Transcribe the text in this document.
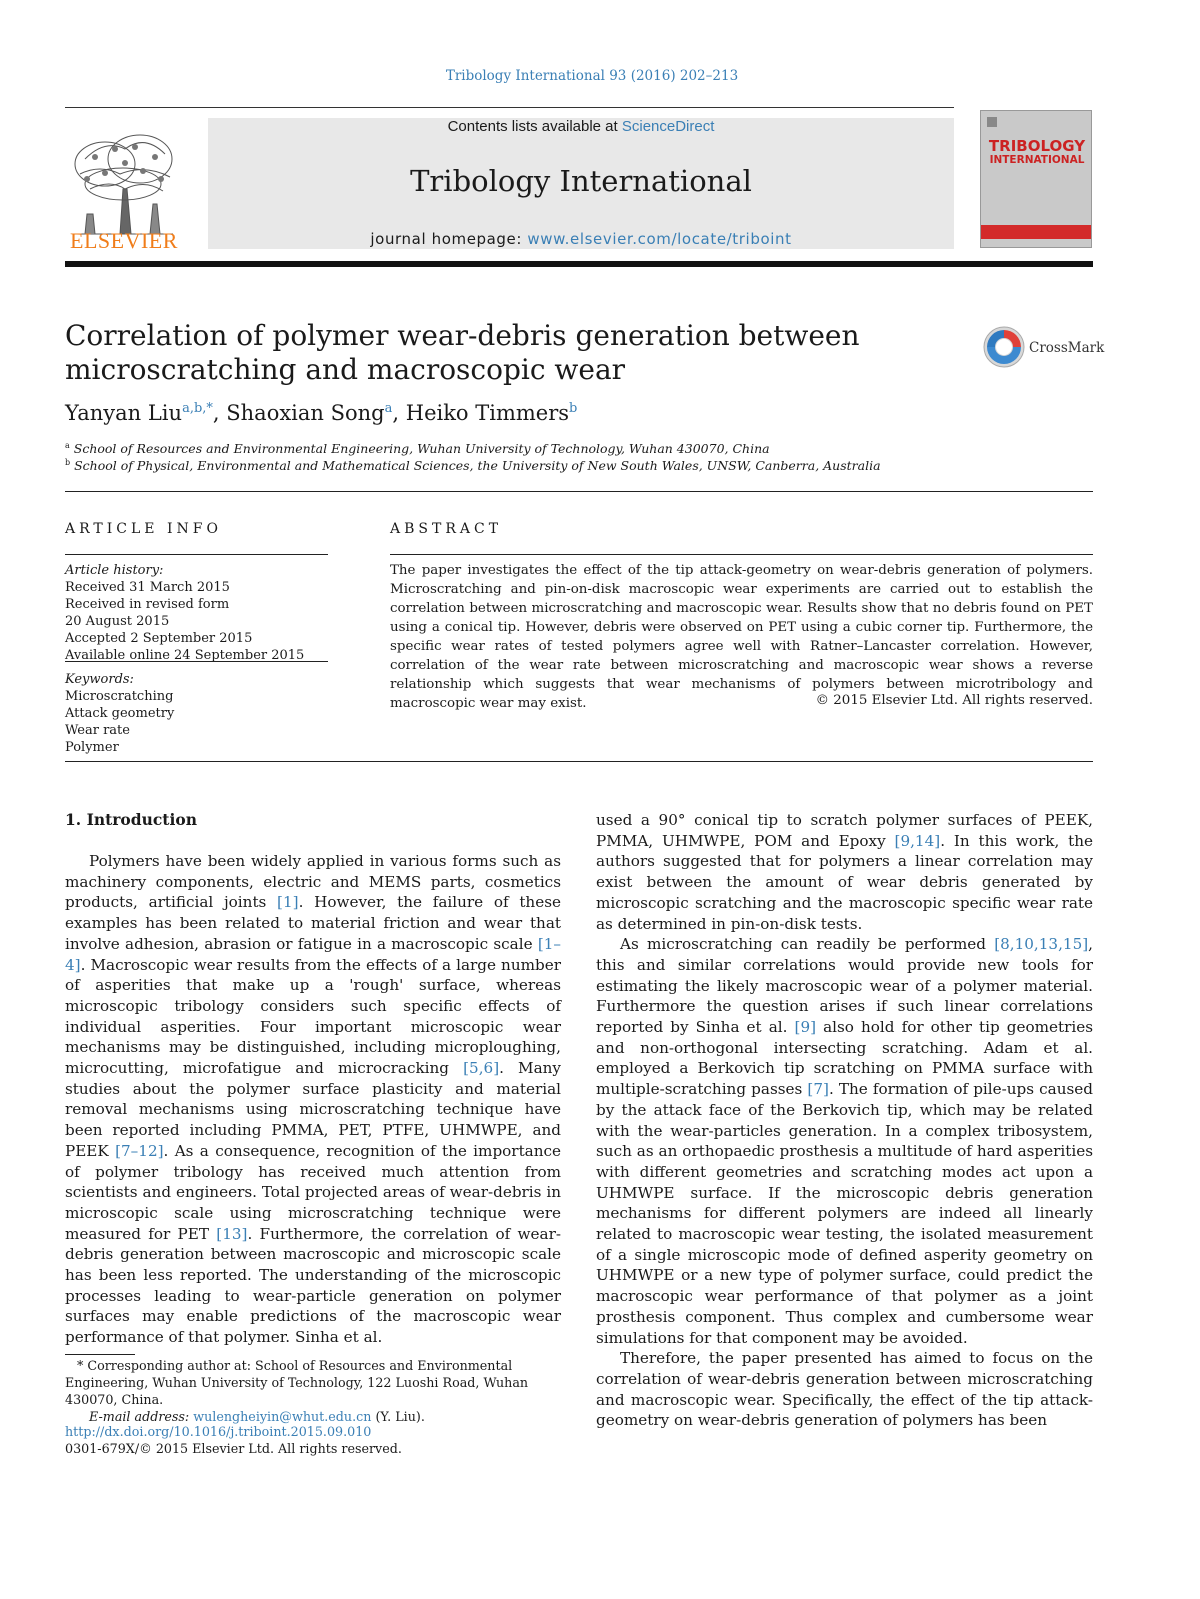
Tribology International 93 (2016) 202–213
ELSEVIER
Contents lists available at ScienceDirect
Tribology International
journal homepage: www.elsevier.com/locate/triboint
TRIBOLOGY
INTERNATIONAL
Correlation of polymer wear-debris generation between
microscratching and macroscopic wear
CrossMark
Yanyan Liu$^{a,b,*}$, Shaoxian Song$^a$, Heiko Timmers$^b$
$^a$ School of Resources and Environmental Engineering, Wuhan University of Technology, Wuhan 430070, China
$^b$ School of Physical, Environmental and Mathematical Sciences, the University of New South Wales, UNSW, Canberra, Australia
ARTICLE INFO	ABSTRACT
Article history:
Received 31 March 2015
Received in revised form
20 August 2015
Accepted 2 September 2015
Available online 24 September 2015
Keywords:
Microscratching
Attack geometry
Wear rate
Polymer
The paper investigates the effect of the tip attack-geometry on wear-debris generation of polymers. Microscratching and pin-on-disk macroscopic wear experiments are carried out to establish the correlation between microscratching and macroscopic wear. Results show that no debris found on PET using a conical tip. However, debris were observed on PET using a cubic corner tip. Furthermore, the specific wear rates of tested polymers agree well with Ratner–Lancaster correlation. However, correlation of the wear rate between microscratching and macroscopic wear shows a reverse relationship which suggests that wear mechanisms of polymers between microtribology and macroscopic wear may exist.	© 2015 Elsevier Ltd. All rights reserved.
1. Introduction
Polymers have been widely applied in various forms such as machinery components, electric and MEMS parts, cosmetics products, artificial joints [1]. However, the failure of these examples has been related to material friction and wear that involve adhesion, abrasion or fatigue in a macroscopic scale [1–4]. Macroscopic wear results from the effects of a large number of asperities that make up a 'rough' surface, whereas microscopic tribology considers such specific effects of individual asperities. Four important microscopic wear mechanisms may be distinguished, including microploughing, microcutting, microfatigue and microcracking [5,6]. Many studies about the polymer surface plasticity and material removal mechanisms using microscratching technique have been reported including PMMA, PET, PTFE, UHMWPE, and PEEK [7–12]. As a consequence, recognition of the importance of polymer tribology has received much attention from scientists and engineers. Total projected areas of wear-debris in microscopic scale using microscratching technique were measured for PET [13]. Furthermore, the correlation of wear-debris generation between macroscopic and microscopic scale has been less reported. The understanding of the microscopic processes leading to wear-particle generation on polymer surfaces may enable predictions of the macroscopic wear performance of that polymer. Sinha et al.

used a 90° conical tip to scratch polymer surfaces of PEEK, PMMA, UHMWPE, POM and Epoxy [9,14]. In this work, the authors suggested that for polymers a linear correlation may exist between the amount of wear debris generated by microscopic scratching and the macroscopic specific wear rate as determined in pin-on-disk tests.

As microscratching can readily be performed [8,10,13,15], this and similar correlations would provide new tools for estimating the likely macroscopic wear of a polymer material. Furthermore the question arises if such linear correlations reported by Sinha et al. [9] also hold for other tip geometries and non-orthogonal intersecting scratching. Adam et al. employed a Berkovich tip scratching on PMMA surface with multiple-scratching passes [7]. The formation of pile-ups caused by the attack face of the Berkovich tip, which may be related with the wear-particles generation. In a complex tribosystem, such as an orthopaedic prosthesis a multitude of hard asperities with different geometries and scratching modes act upon a UHMWPE surface. If the microscopic debris generation mechanisms for different polymers are indeed all linearly related to macroscopic wear testing, the isolated measurement of a single microscopic mode of defined asperity geometry on UHMWPE or a new type of polymer surface, could predict the macroscopic wear performance of that polymer as a joint prosthesis component. Thus complex and cumbersome wear simulations for that component may be avoided.

Therefore, the paper presented has aimed to focus on the correlation of wear-debris generation between microscratching and macroscopic wear. Specifically, the effect of the tip attack-geometry on wear-debris generation of polymers has been

* Corresponding author at: School of Resources and Environmental Engineering, Wuhan University of Technology, 122 Luoshi Road, Wuhan 430070, China.
E-mail address: wulengheiyin@whut.edu.cn (Y. Liu).
http://dx.doi.org/10.1016/j.triboint.2015.09.010
0301-679X/© 2015 Elsevier Ltd. All rights reserved.
